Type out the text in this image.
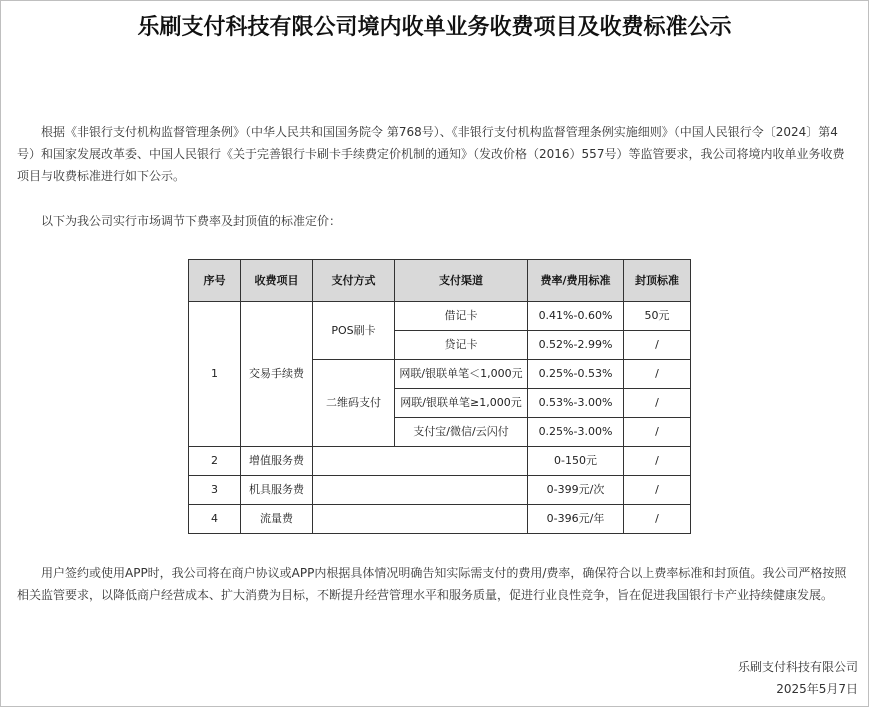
乐刷支付科技有限公司境内收单业务收费项目及收费标准公示

根据《非银行支付机构监督管理条例》（中华人民共和国国务院令 第768号）、《非银行支付机构监督管理条例实施细则》（中国人民银行令〔2024〕第4号）和国家发展改革委、中国人民银行《关于完善银行卡刷卡手续费定价机制的通知》（发改价格（2016）557号）等监管要求，我公司将境内收单业务收费项目与收费标准进行如下公示。

以下为我公司实行市场调节下费率及封顶值的标准定价：

序号	收费项目	支付方式	支付渠道	费率/费用标准	封顶标准
1	交易手续费	POS刷卡	借记卡	0.41%-0.60%	50元
			贷记卡	0.52%-2.99%	/
		二维码支付	网联/银联单笔＜1,000元	0.25%-0.53%	/
			网联/银联单笔≥1,000元	0.53%-3.00%	/
			支付宝/微信/云闪付	0.25%-3.00%	/
2	增值服务费			0-150元	/
3	机具服务费			0-399元/次	/
4	流量费			0-396元/年	/

用户签约或使用APP时，我公司将在商户协议或APP内根据具体情况明确告知实际需支付的费用/费率，确保符合以上费率标准和封顶值。我公司严格按照相关监管要求，以降低商户经营成本、扩大消费为目标，不断提升经营管理水平和服务质量，促进行业良性竞争，旨在促进我国银行卡产业持续健康发展。

乐刷支付科技有限公司
2025年5月7日
